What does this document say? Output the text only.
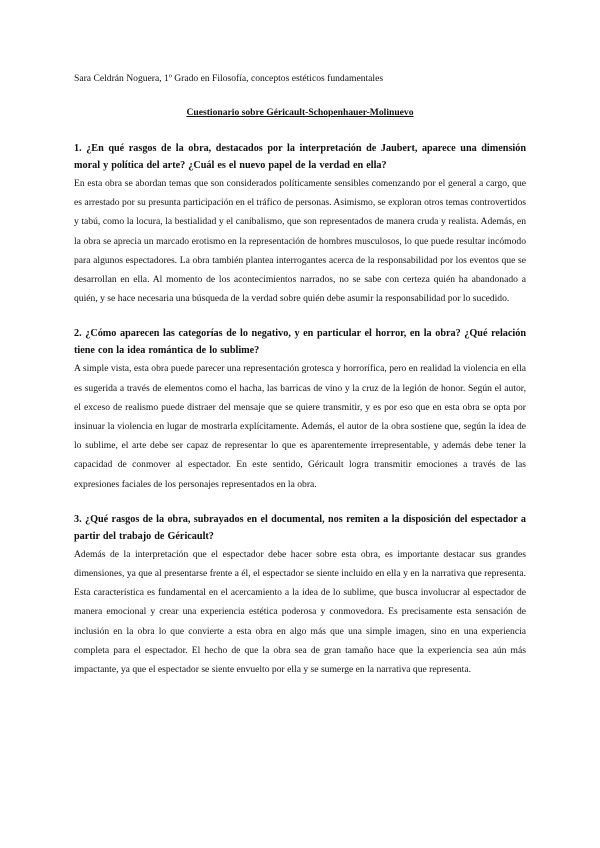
Sara Celdrán Noguera, 1º Grado en Filosofía, conceptos estéticos fundamentales

Cuestionario sobre Géricault-Schopenhauer-Molinuevo

1. ¿En qué rasgos de la obra, destacados por la interpretación de Jaubert, aparece una dimensión moral y política del arte? ¿Cuál es el nuevo papel de la verdad en ella?

En esta obra se abordan temas que son considerados políticamente sensibles comenzando por el general a cargo, que es arrestado por su presunta participación en el tráfico de personas. Asimismo, se exploran otros temas controvertidos y tabú, como la locura, la bestialidad y el canibalismo, que son representados de manera cruda y realista. Además, en la obra se aprecia un marcado erotismo en la representación de hombres musculosos, lo que puede resultar incómodo para algunos espectadores. La obra también plantea interrogantes acerca de la responsabilidad por los eventos que se desarrollan en ella. Al momento de los acontecimientos narrados, no se sabe con certeza quién ha abandonado a quién, y se hace necesaria una búsqueda de la verdad sobre quién debe asumir la responsabilidad por lo sucedido.

2. ¿Cómo aparecen las categorías de lo negativo, y en particular el horror, en la obra? ¿Qué relación tiene con la idea romántica de lo sublime?

A simple vista, esta obra puede parecer una representación grotesca y horrorífica, pero en realidad la violencia en ella es sugerida a través de elementos como el hacha, las barricas de vino y la cruz de la legión de honor. Según el autor, el exceso de realismo puede distraer del mensaje que se quiere transmitir, y es por eso que en esta obra se opta por insinuar la violencia en lugar de mostrarla explícitamente. Además, el autor de la obra sostiene que, según la idea de lo sublime, el arte debe ser capaz de representar lo que es aparentemente irrepresentable, y además debe tener la capacidad de conmover al espectador. En este sentido, Géricault logra transmitir emociones a través de las expresiones faciales de los personajes representados en la obra.

3. ¿Qué rasgos de la obra, subrayados en el documental, nos remiten a la disposición del espectador a partir del trabajo de Géricault?

Además de la interpretación que el espectador debe hacer sobre esta obra, es importante destacar sus grandes dimensiones, ya que al presentarse frente a él, el espectador se siente incluido en ella y en la narrativa que representa. Esta característica es fundamental en el acercamiento a la idea de lo sublime, que busca involucrar al espectador de manera emocional y crear una experiencia estética poderosa y conmovedora. Es precisamente esta sensación de inclusión en la obra lo que convierte a esta obra en algo más que una simple imagen, sino en una experiencia completa para el espectador. El hecho de que la obra sea de gran tamaño hace que la experiencia sea aún más impactante, ya que el espectador se siente envuelto por ella y se sumerge en la narrativa que representa.
